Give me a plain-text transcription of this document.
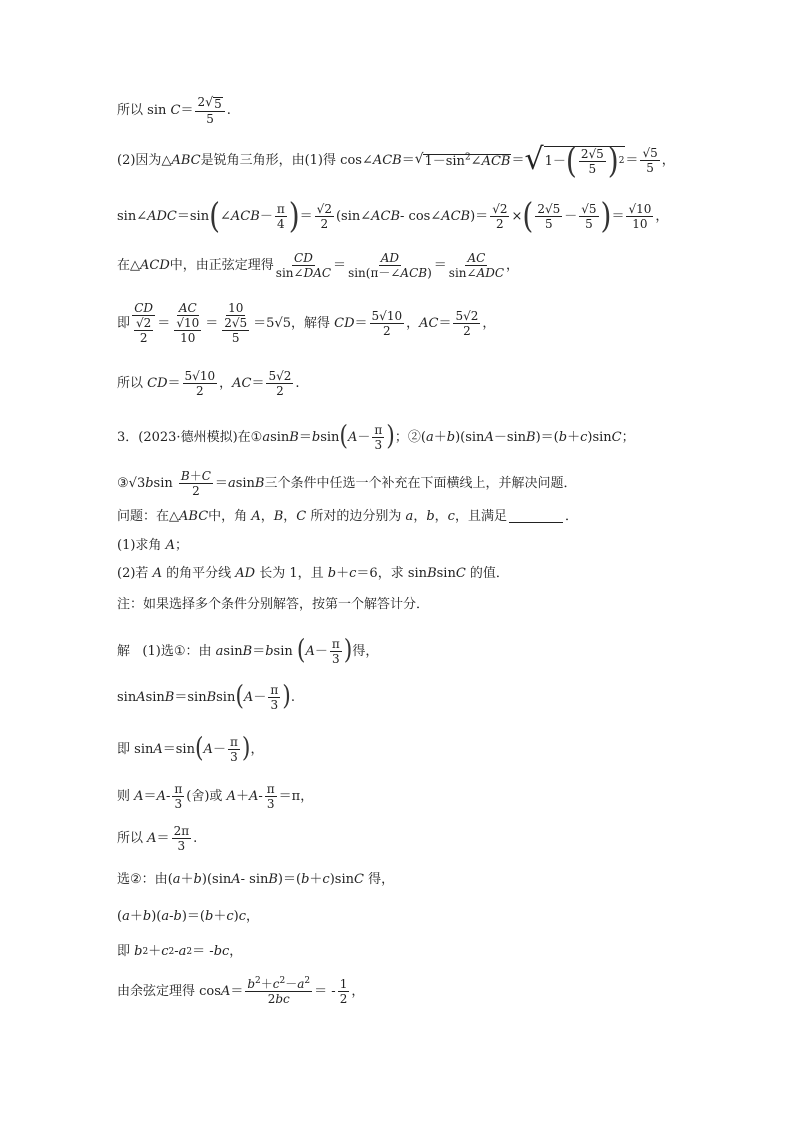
所以 $\sin C = \frac{2 √ 5}{5}$ .
(2) 因为 △ ABC 是锐角三角形，由 (1) 得 cos∠ ACB ＝ √ $1-\sin^2\angle ACB$ ＝ √ 1－ ( $\frac{2√5}{5}$ ) $2 = \frac{√5}{5}$ ，
sin∠ ADC ＝sin ( ∠ ACB － $\frac{\pi}{4}$ ) ＝ $\frac{√2}{2}$ (sin∠ ACB - cos∠ ACB )＝ $\frac{√2}{2}$ × ( $\frac{2√5}{5} - \frac{√5}{5}$ ) ＝ $\frac{√10}{10}$ ，
在 △ ACD 中，由正弦定理得 $\frac{CD}{\text{sin∠DAC}} = \frac{AD}{\text{sin(π－∠ACB)}} = \frac{AC}{\text{sin∠ADC}}$ ，
即 $\frac{CD}{\frac{√2}{2}} = \frac{AC}{\frac{√10}{10}} = \frac{10}{\frac{2√5}{5}} =5√5$， 解得
CD ＝ $\frac{5√10}{2}$ ， AC ＝ $\frac{5√2}{2}$ ，
所以
CD ＝ $\frac{5√10}{2}$ ， AC ＝ $\frac{5√2}{2}$ .
3．(2023· 德州模拟 ) 在 ① a sin B ＝ b sin ( $A - \frac{\pi}{3}$ ) ；②( a ＋ b )(sin A －sin B )＝( b ＋ c )sin C ；
③√3 b $\sin \frac{B+C}{2} = a$ sin B 三个条件中任选一个补充在下面横线上，并解决问题．
问题：在 △ ABC 中，角
A ， B ， C
所对的边分别为
a ， b ， c ， 且满足	．
(1) 求角
A ；
(2) 若
A
的角平分线
AD
长为 1， 且
b ＋ c ＝6， 求 sin B sin C
的值．
注：如果选择多个条件分别解答，按第一个解答计分．
解 (1) 选 ①： 由
a sin B ＝ b sin ( $A - \frac{\pi}{3}$ ) 得，
sin A sin B ＝sin B sin ( $A - \frac{\pi}{3}$ ) .
即 sin A ＝sin ( $A - \frac{\pi}{3}$ ) ，
则
$A = A - \frac{\pi}{3}$ ( 舍 ) 或
$A + A - \frac{\pi}{3} =\pi$，
所以
$A = \frac{2\pi}{3}$ .
选 ②： 由 ( a ＋ b )(sin A - sin B )＝( b ＋ c )sin C
得，
( a ＋ b )( a - b )＝( b ＋ c ) c ，
即
b 2 ＋ c 2 - a 2 ＝ - bc ，
由余弦定理得 $\cos A = \frac{b^2+c^2-a^2}{2bc}$ ＝ - $\frac{1}{2}$ ，
